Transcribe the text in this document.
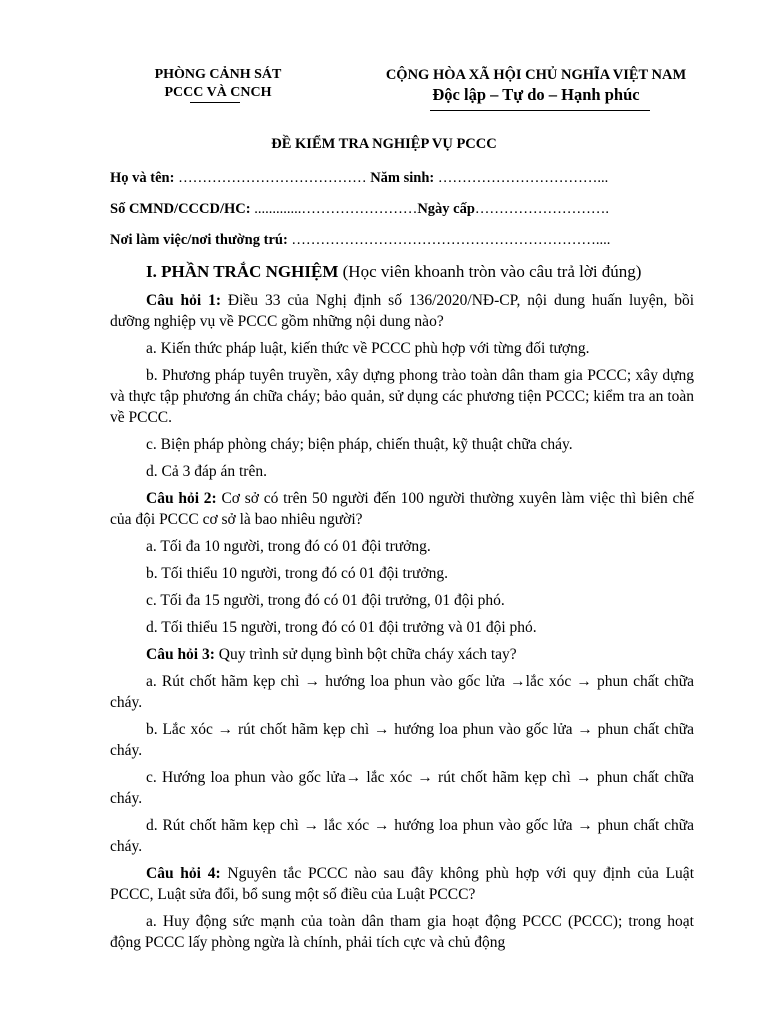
PHÒNG CẢNH SÁT
PCCC VÀ CNCH
CỘNG HÒA XÃ HỘI CHỦ NGHĨA VIỆT NAM
Độc lập – Tự do – Hạnh phúc
ĐỀ KIỂM TRA NGHIỆP VỤ PCCC
Họ và tên: ………………………………… Năm sinh: ……………………………...
Số CMND/CCCD/HC: .............……………………Ngày cấp……………………….
Nơi làm việc/nơi thường trú: ………………………………………………………....
I. PHẦN TRẮC NGHIỆM (Học viên khoanh tròn vào câu trả lời đúng)

Câu hỏi 1: Điều 33 của Nghị định số 136/2020/NĐ-CP, nội dung huấn luyện, bồi dưỡng nghiệp vụ về PCCC gồm những nội dung nào?

a. Kiến thức pháp luật, kiến thức về PCCC phù hợp với từng đối tượng.

b. Phương pháp tuyên truyền, xây dựng phong trào toàn dân tham gia PCCC; xây dựng và thực tập phương án chữa cháy; bảo quản, sử dụng các phương tiện PCCC; kiểm tra an toàn về PCCC.

c. Biện pháp phòng cháy; biện pháp, chiến thuật, kỹ thuật chữa cháy.

d. Cả 3 đáp án trên.

Câu hỏi 2: Cơ sở có trên 50 người đến 100 người thường xuyên làm việc thì biên chế của đội PCCC cơ sở là bao nhiêu người?

a. Tối đa 10 người, trong đó có 01 đội trưởng.

b. Tối thiểu 10 người, trong đó có 01 đội trưởng.

c. Tối đa 15 người, trong đó có 01 đội trưởng, 01 đội phó.

d. Tối thiểu 15 người, trong đó có 01 đội trưởng và 01 đội phó.

Câu hỏi 3: Quy trình sử dụng bình bột chữa cháy xách tay?

a. Rút chốt hãm kẹp chì → hướng loa phun vào gốc lửa →lắc xóc → phun chất chữa cháy.

b. Lắc xóc → rút chốt hãm kẹp chì → hướng loa phun vào gốc lửa → phun chất chữa cháy.

c. Hướng loa phun vào gốc lửa→ lắc xóc → rút chốt hãm kẹp chì → phun chất chữa cháy.

d. Rút chốt hãm kẹp chì → lắc xóc → hướng loa phun vào gốc lửa → phun chất chữa cháy.

Câu hỏi 4: Nguyên tắc PCCC nào sau đây không phù hợp với quy định của Luật PCCC, Luật sửa đổi, bổ sung một số điều của Luật PCCC?

a. Huy động sức mạnh của toàn dân tham gia hoạt động PCCC (PCCC); trong hoạt động PCCC lấy phòng ngừa là chính, phải tích cực và chủ động
